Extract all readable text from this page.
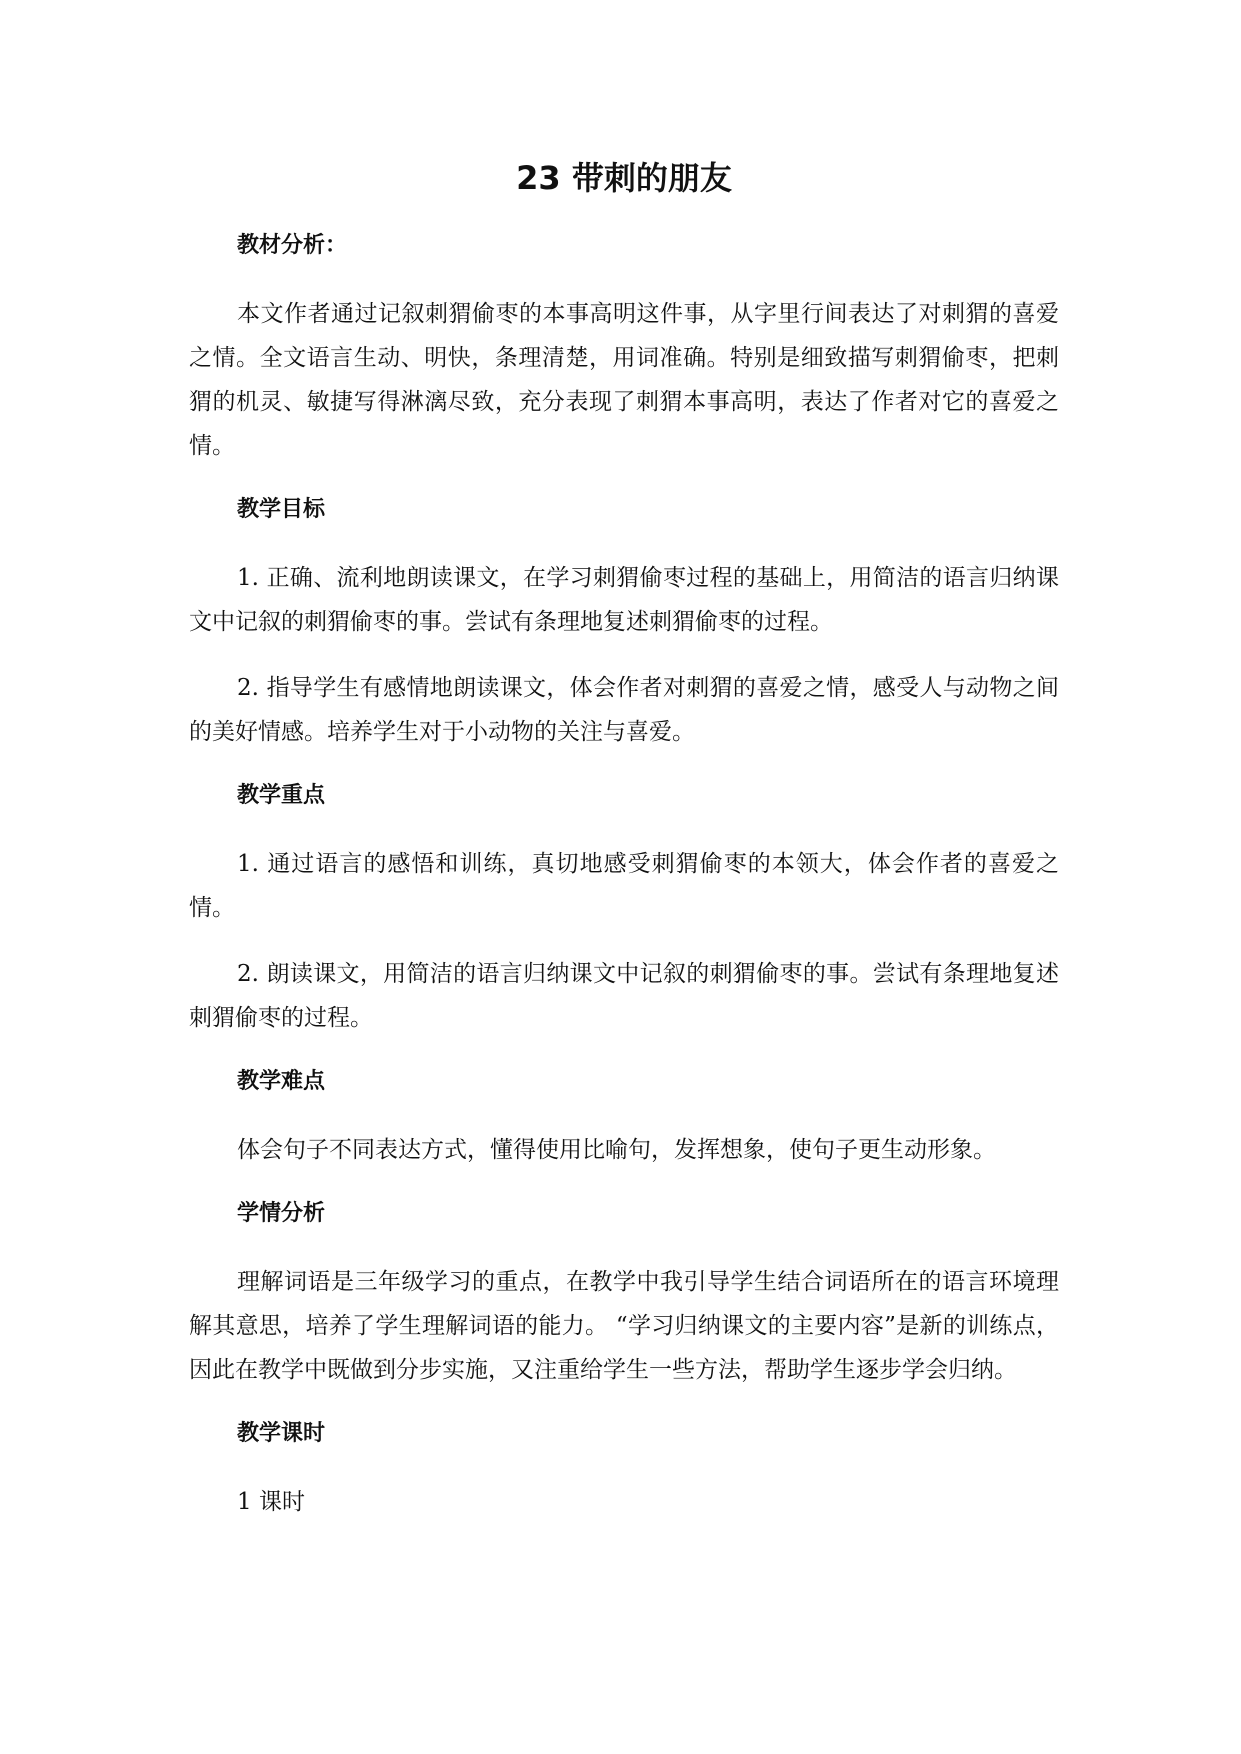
23 带刺的朋友
教材分析：

本文作者通过记叙刺猬偷枣的本事高明这件事，从字里行间表达了对刺猬的喜爱之情。全文语言生动、明快，条理清楚，用词准确。特别是细致描写刺猬偷枣，把刺猬的机灵、敏捷写得淋漓尽致，充分表现了刺猬本事高明，表达了作者对它的喜爱之情。

教学目标

1. 正确、流利地朗读课文，在学习刺猬偷枣过程的基础上，用简洁的语言归纳课文中记叙的刺猬偷枣的事。尝试有条理地复述刺猬偷枣的过程。

2. 指导学生有感情地朗读课文，体会作者对刺猬的喜爱之情，感受人与动物之间的美好情感。培养学生对于小动物的关注与喜爱。

教学重点

1. 通过语言的感悟和训练，真切地感受刺猬偷枣的本领大，体会作者的喜爱之情。

2. 朗读课文，用简洁的语言归纳课文中记叙的刺猬偷枣的事。尝试有条理地复述刺猬偷枣的过程。

教学难点

体会句子不同表达方式，懂得使用比喻句，发挥想象，使句子更生动形象。

学情分析

理解词语是三年级学习的重点，在教学中我引导学生结合词语所在的语言环境理解其意思，培养了学生理解词语的能力。 “学习归纳课文的主要内容”是新的训练点，因此在教学中既做到分步实施，又注重给学生一些方法，帮助学生逐步学会归纳。

教学课时

1 课时
